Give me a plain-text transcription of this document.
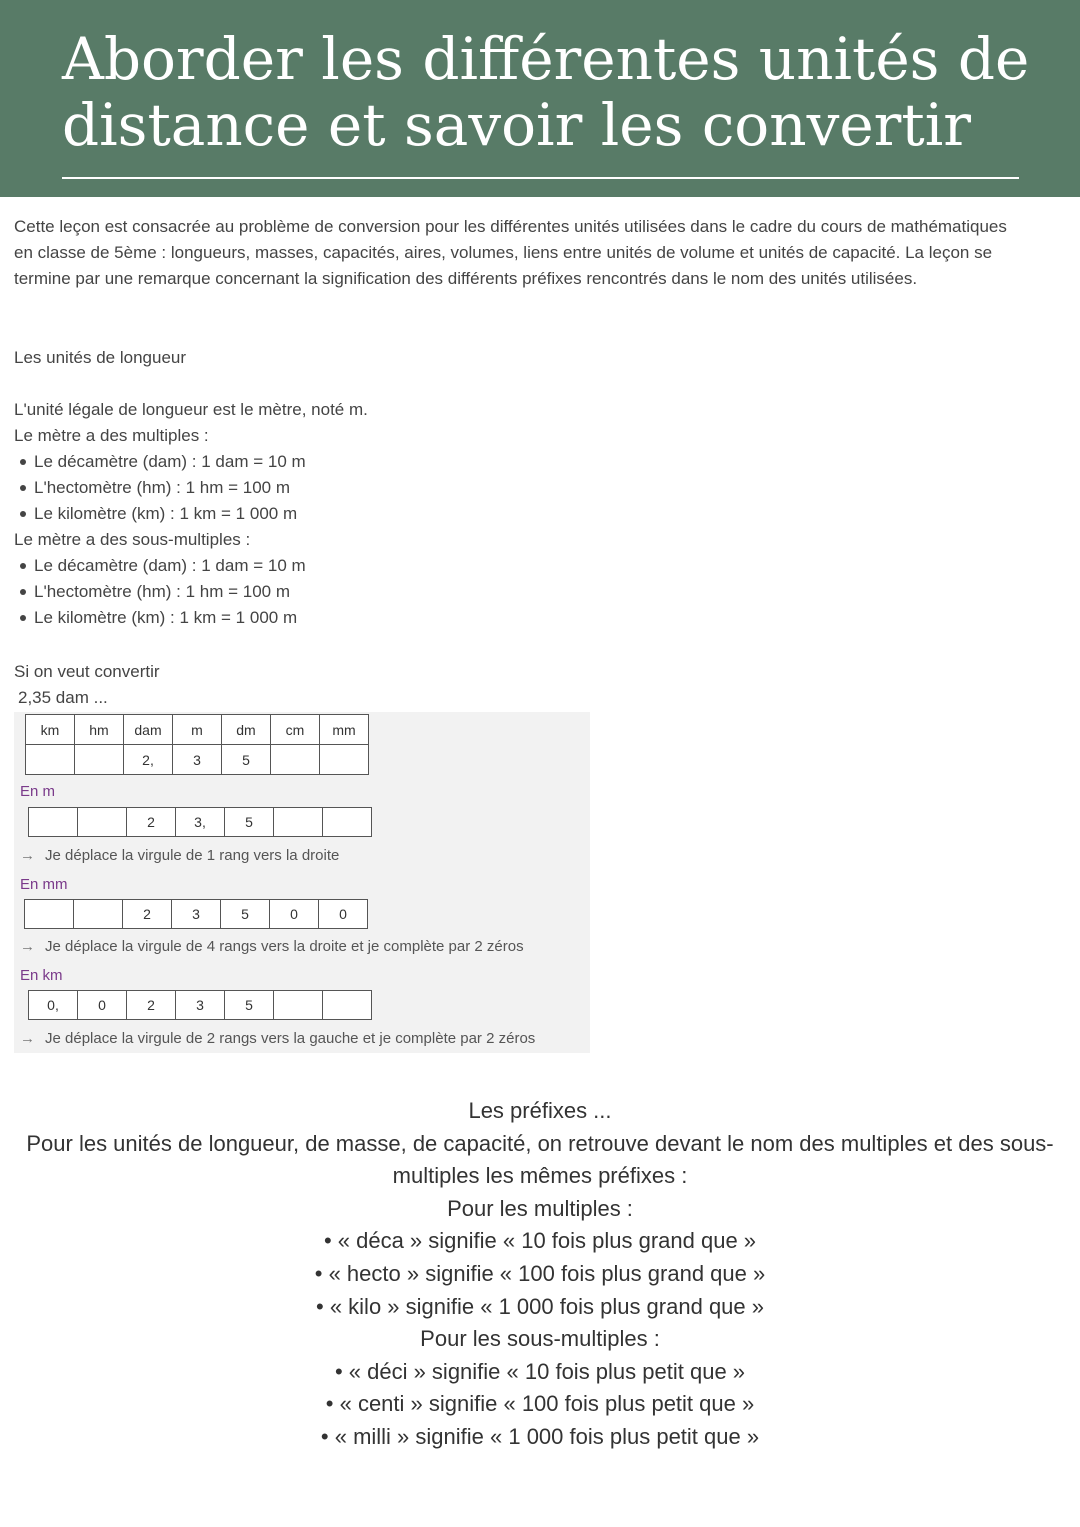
Aborder les différentes unités de distance et savoir les convertir

Cette leçon est consacrée au problème de conversion pour les différentes unités utilisées dans le cadre du cours de mathématiques en classe de 5ème : longueurs, masses, capacités, aires, volumes, liens entre unités de volume et unités de capacité. La leçon se termine par une remarque concernant la signification des différents préfixes rencontrés dans le nom des unités utilisées.

Les unités de longueur
L'unité légale de longueur est le mètre, noté m.
Le mètre a des multiples :
Le décamètre (dam) : 1 dam = 10 m
L'hectomètre (hm) : 1 hm = 100 m
Le kilomètre (km) : 1 km = 1 000 m
Le mètre a des sous-multiples :
Le décamètre (dam) : 1 dam = 10 m
L'hectomètre (hm) : 1 hm = 100 m
Le kilomètre (km) : 1 km = 1 000 m
Si on veut convertir
2,35 dam ...
km	hm	dam	m	dm	cm	mm
		2,	3	5		
En m
		2	3,	5		
→ Je déplace la virgule de 1 rang vers la droite
En mm
		2	3	5	0	0
→ Je déplace la virgule de 4 rangs vers la droite et je complète par 2 zéros
En km
0,	0	2	3	5		
→ Je déplace la virgule de 2 rangs vers la gauche et je complète par 2 zéros

Les préfixes ...

Pour les unités de longueur, de masse, de capacité, on retrouve devant le nom des multiples et des sous-multiples les mêmes préfixes :

Pour les multiples :

• « déca » signifie « 10 fois plus grand que »

• « hecto » signifie « 100 fois plus grand que »

• « kilo » signifie « 1 000 fois plus grand que »

Pour les sous-multiples :

• « déci » signifie « 10 fois plus petit que »

• « centi » signifie « 100 fois plus petit que »

• « milli » signifie « 1 000 fois plus petit que »
